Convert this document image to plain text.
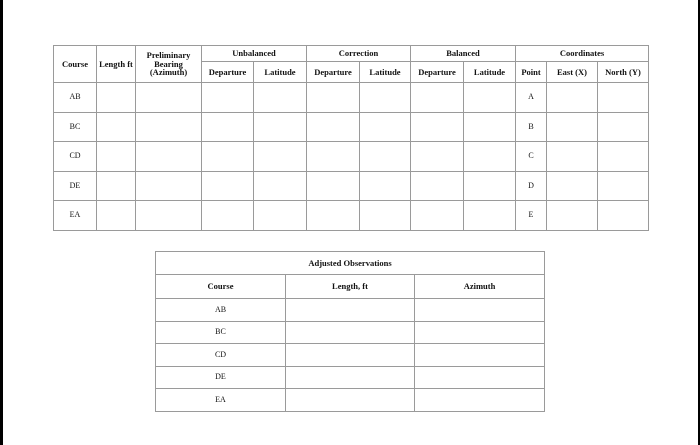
Course	Length ft	Preliminary Bearing (Azimuth)	Unbalanced		Correction		Balanced		Coordinates		
			Departure	Latitude	Departure	Latitude	Departure	Latitude	Point	East (X)	North (Y)
AB									A		
BC									B		
CD									C		
DE									D		
EA									E		
Adjusted Observations		
Course	Length, ft	Azimuth
AB		
BC		
CD		
DE		
EA		
